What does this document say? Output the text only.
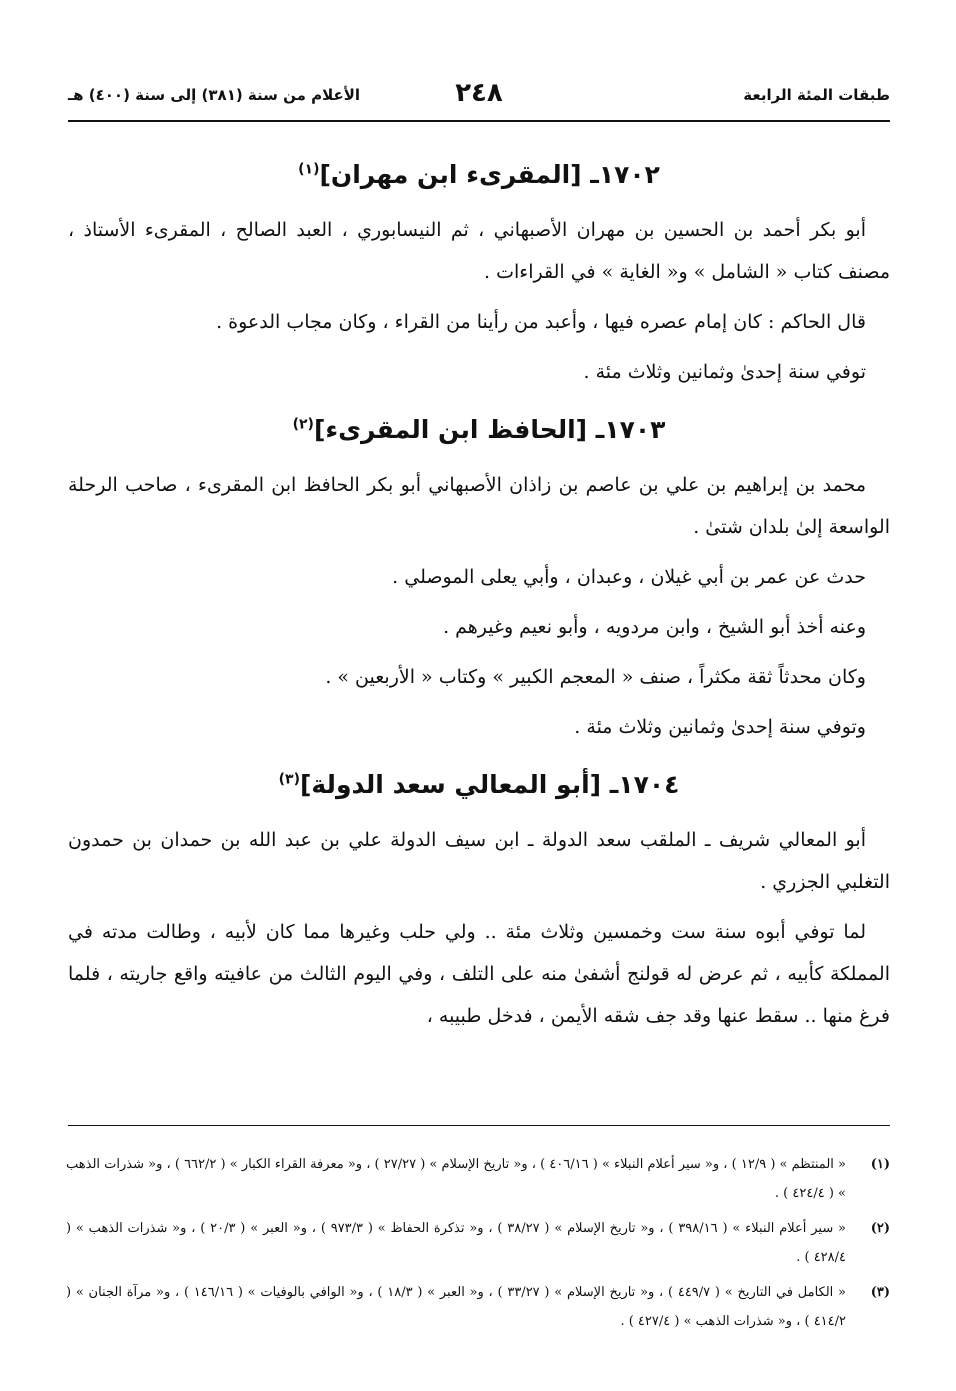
طبقات المئة الرابعة
٢٤٨
الأعلام من سنة (٣٨١) إلى سنة (٤٠٠) هـ
١٧٠٢ـ [المقرىء ابن مهران]$^{(١)}$

أبو بكر أحمد بن الحسين بن مهران الأصبهاني ، ثم النيسابوري ، العبد الصالح ، المقرىء الأستاذ ، مصنف كتاب « الشامل » و« الغاية » في القراءات .

قال الحاكم : كان إمام عصره فيها ، وأعبد من رأينا من القراء ، وكان مجاب الدعوة .

توفي سنة إحدىٰ وثمانين وثلاث مئة .

١٧٠٣ـ [الحافظ ابن المقرىء]$^{(٢)}$

محمد بن إبراهيم بن علي بن عاصم بن زاذان الأصبهاني أبو بكر الحافظ ابن المقرىء ، صاحب الرحلة الواسعة إلىٰ بلدان شتىٰ .

حدث عن عمر بن أبي غيلان ، وعبدان ، وأبي يعلى الموصلي .

وعنه أخذ أبو الشيخ ، وابن مردويه ، وأبو نعيم وغيرهم .

وكان محدثاً ثقة مكثراً ، صنف « المعجم الكبير » وكتاب « الأربعين » .

وتوفي سنة إحدىٰ وثمانين وثلاث مئة .

١٧٠٤ـ [أبو المعالي سعد الدولة]$^{(٣)}$

أبو المعالي شريف ـ الملقب سعد الدولة ـ ابن سيف الدولة علي بن عبد الله بن حمدان بن حمدون التغلبي الجزري .

لما توفي أبوه سنة ست وخمسين وثلاث مئة .. ولي حلب وغيرها مما كان لأبيه ، وطالت مدته في المملكة كأبيه ، ثم عرض له قولنج أشفىٰ منه على التلف ، وفي اليوم الثالث من عافيته واقع جاريته ، فلما فرغ منها .. سقط عنها وقد جف شقه الأيمن ، فدخل طبيبه ،

(١)
« المنتظم » ( ١٢/٩ ) ، و« سير أعلام النبلاء » ( ٤٠٦/١٦ ) ، و« تاريخ الإسلام » ( ٢٧/٢٧ ) ، و« معرفة القراء الكبار » ( ٦٦٢/٢ ) ، و« شذرات الذهب » ( ٤٢٤/٤ ) .
(٢)
« سير أعلام النبلاء » ( ٣٩٨/١٦ ) ، و« تاريخ الإسلام » ( ٣٨/٢٧ ) ، و« تذكرة الحفاظ » ( ٩٧٣/٣ ) ، و« العبر » ( ٢٠/٣ ) ، و« شذرات الذهب » ( ٤٢٨/٤ ) .
(٣)
« الكامل في التاريخ » ( ٤٤٩/٧ ) ، و« تاريخ الإسلام » ( ٣٣/٢٧ ) ، و« العبر » ( ١٨/٣ ) ، و« الوافي بالوفيات » ( ١٤٦/١٦ ) ، و« مرآة الجنان » ( ٤١٤/٢ ) ، و« شذرات الذهب » ( ٤٢٧/٤ ) .
